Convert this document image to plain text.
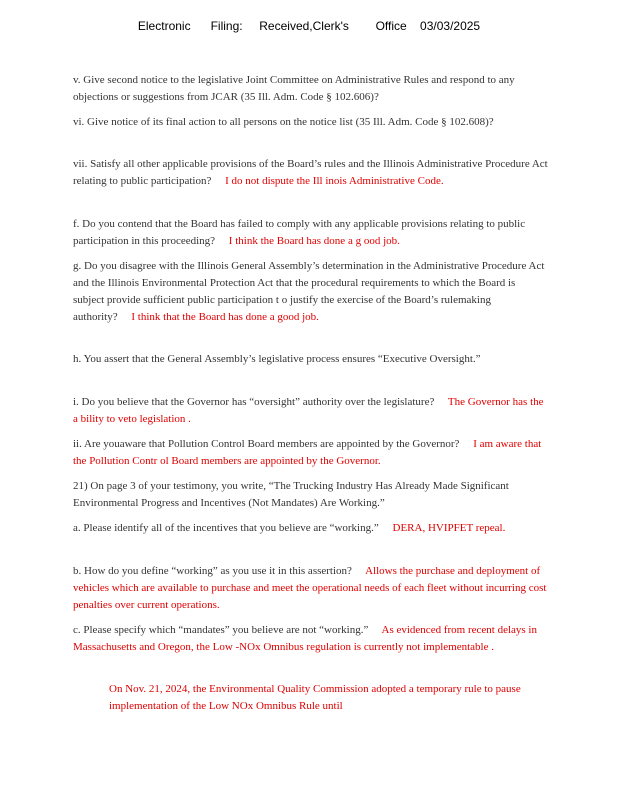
Electronic      Filing:     Received,Clerk's        Office    03/03/2025

v. Give second notice to the legislative Joint Committee on Administrative Rules and respond to any objections or suggestions from JCAR (35 Ill. Adm. Code § 102.606)?

vi. Give notice of its final action to all persons on the notice list (35 Ill. Adm. Code § 102.608)?

vii. Satisfy all other applicable provisions of the Board’s rules and the Illinois Administrative Procedure Act relating to public participation? I do not dispute the Ill inois Administrative Code.

f. Do you contend that the Board has failed to comply with any applicable provisions relating to public participation in this proceeding? I think the Board has done a g ood job.

g. Do you disagree with the Illinois General Assembly’s determination in the Administrative Procedure Act and the Illinois Environmental Protection Act that the procedural requirements to which the Board is subject provide sufficient public participation t o justify the exercise of the Board’s rulemaking authority? I think that the Board has done a good job.

h. You assert that the General Assembly’s legislative process ensures “Executive Oversight.”

i. Do you believe that the Governor has “oversight” authority over the legislature? The Governor has the a bility to veto legislation .

ii. Are youaware that Pollution Control Board members are appointed by the Governor? I am aware that the Pollution Contr ol Board members are appointed by the Governor.

21) On page 3 of your testimony, you write, “The Trucking Industry Has Already Made Significant Environmental Progress and Incentives (Not Mandates) Are Working.”

a. Please identify all of the incentives that you believe are “working.” DERA, HVIPFET repeal.

b. How do you define “working” as you use it in this assertion? Allows the purchase and deployment of vehicles which are available to purchase and meet the operational needs of each fleet without incurring cost penalties over current operations.

c. Please specify which “mandates” you believe are not “working.” As evidenced from recent delays in Massachusetts and Oregon, the Low -NOx Omnibus regulation is currently not implementable .

On Nov. 21, 2024, the Environmental Quality Commission adopted a temporary rule to pause implementation of the Low NOx Omnibus Rule until
